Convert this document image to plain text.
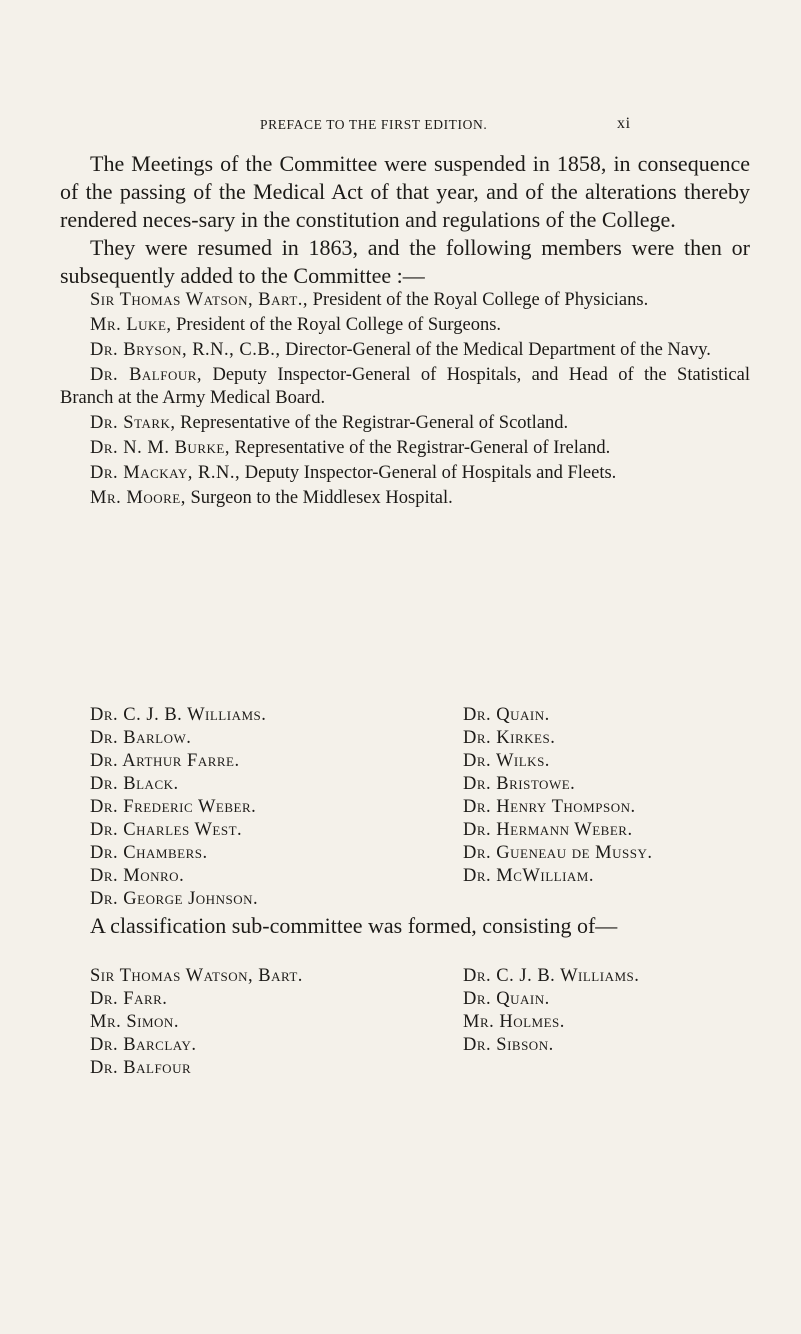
PREFACE TO THE FIRST EDITION.	xi

The Meetings of the Committee were suspended in 1858, in consequence of the passing of the Medical Act of that year, and of the alterations thereby rendered neces-sary in the constitution and regulations of the College.

They were resumed in 1863, and the following members were then or subsequently added to the Committee :—

Sir Thomas Watson, Bart., President of the Royal College of Physicians.
Mr. Luke, President of the Royal College of Surgeons.
Dr. Bryson, R.N., C.B., Director-General of the Medical Department of the Navy.
Dr. Balfour, Deputy Inspector-General of Hospitals, and Head of the Statistical Branch at the Army Medical Board.
Dr. Stark, Representative of the Registrar-General of Scotland.
Dr. N. M. Burke, Representative of the Registrar-General of Ireland.
Dr. Mackay, R.N., Deputy Inspector-General of Hospitals and Fleets.
Mr. Moore, Surgeon to the Middlesex Hospital.
Dr. C. J. B. Williams.
Dr. Barlow.
Dr. Arthur Farre.
Dr. Black.
Dr. Frederic Weber.
Dr. Charles West.
Dr. Chambers.
Dr. Monro.
Dr. George Johnson.
Dr. Quain.
Dr. Kirkes.
Dr. Wilks.
Dr. Bristowe.
Dr. Henry Thompson.
Dr. Hermann Weber.
Dr. Gueneau de Mussy.
Dr. McWilliam.

A classification sub-committee was formed, consisting of—

Sir Thomas Watson, Bart.
Dr. Farr.
Mr. Simon.
Dr. Barclay.
Dr. Balfour
Dr. C. J. B. Williams.
Dr. Quain.
Mr. Holmes.
Dr. Sibson.
